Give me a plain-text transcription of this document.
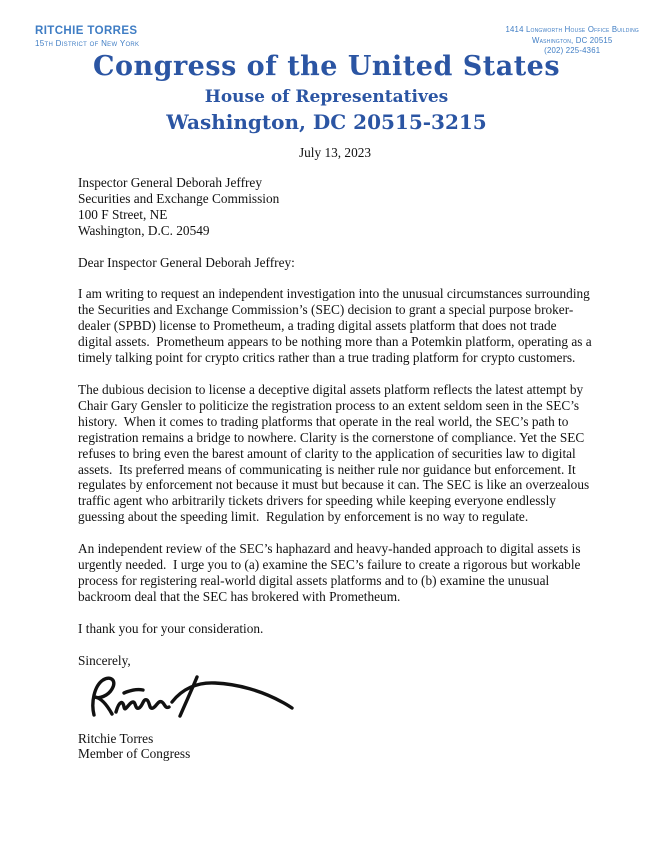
RITCHIE TORRES
15th District of New York
1414 Longworth House Office Building
Washington, DC 20515
(202) 225-4361
Congress of the United States
House of Representatives
Washington, DC 20515-3215

July 13, 2023

Inspector General Deborah Jeffrey
Securities and Exchange Commission
100 F Street, NE
Washington, D.C. 20549

Dear Inspector General Deborah Jeffrey:

I am writing to request an independent investigation into the unusual circumstances surrounding the Securities and Exchange Commission’s (SEC) decision to grant a special purpose broker-dealer (SPBD) license to Prometheum, a trading digital assets platform that does not trade digital assets.  Prometheum appears to be nothing more than a Potemkin platform, operating as a timely talking point for crypto critics rather than a true trading platform for crypto customers.

The dubious decision to license a deceptive digital assets platform reflects the latest attempt by Chair Gary Gensler to politicize the registration process to an extent seldom seen in the SEC’s history.  When it comes to trading platforms that operate in the real world, the SEC’s path to registration remains a bridge to nowhere. Clarity is the cornerstone of compliance. Yet the SEC refuses to bring even the barest amount of clarity to the application of securities law to digital assets.  Its preferred means of communicating is neither rule nor guidance but enforcement. It regulates by enforcement not because it must but because it can. The SEC is like an overzealous traffic agent who arbitrarily tickets drivers for speeding while keeping everyone endlessly guessing about the speeding limit.  Regulation by enforcement is no way to regulate.

An independent review of the SEC’s haphazard and heavy-handed approach to digital assets is urgently needed.  I urge you to (a) examine the SEC’s failure to create a rigorous but workable process for registering real-world digital assets platforms and to (b) examine the unusual backroom deal that the SEC has brokered with Prometheum.

I thank you for your consideration.

Sincerely,

Ritchie Torres
Member of Congress
